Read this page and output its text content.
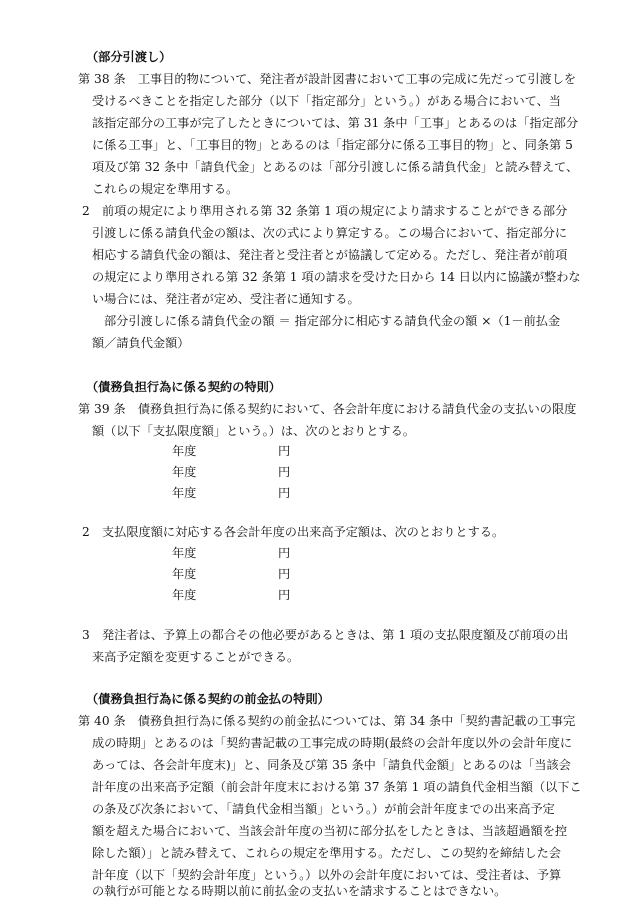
（部分引渡し）
第 38 条　工事目的物について、発注者が設計図書において工事の完成に先だって引渡しを
受けるべきことを指定した部分（以下「指定部分」という。）がある場合において、当
該指定部分の工事が完了したときについては、第 31 条中「工事」とあるのは「指定部分
に係る工事」と、「工事目的物」とあるのは「指定部分に係る工事目的物」と、同条第 5
項及び第 32 条中「請負代金」とあるのは「部分引渡しに係る請負代金」と読み替えて、
これらの規定を準用する。
2　前項の規定により準用される第 32 条第 1 項の規定により請求することができる部分
引渡しに係る請負代金の額は、次の式により算定する。この場合において、指定部分に
相応する請負代金の額は、発注者と受注者とが協議して定める。ただし、発注者が前項
の規定により準用される第 32 条第 1 項の請求を受けた日から 14 日以内に協議が整わな
い場合には、発注者が定め、受注者に通知する。
部分引渡しに係る請負代金の額 ＝ 指定部分に相応する請負代金の額 ×（1－前払金
額／請負代金額）
（債務負担行為に係る契約の特則）
第 39 条　債務負担行為に係る契約において、各会計年度における請負代金の支払いの限度
額（以下「支払限度額」という。）は、次のとおりとする。
年度	円
年度	円
年度	円
2　支払限度額に対応する各会計年度の出来高予定額は、次のとおりとする。
年度	円
年度	円
年度	円
3　発注者は、予算上の都合その他必要があるときは、第 1 項の支払限度額及び前項の出
来高予定額を変更することができる。
（債務負担行為に係る契約の前金払の特則）
第 40 条　債務負担行為に係る契約の前金払については、第 34 条中「契約書記載の工事完
成の時期」とあるのは「契約書記載の工事完成の時期(最終の会計年度以外の会計年度に
あっては、各会計年度末)」と、同条及び第 35 条中「請負代金額」とあるのは「当該会
計年度の出来高予定額（前会計年度末における第 37 条第 1 項の請負代金相当額（以下こ
の条及び次条において、「請負代金相当額」という。）が前会計年度までの出来高予定
額を超えた場合において、当該会計年度の当初に部分払をしたときは、当該超過額を控
除した額）」と読み替えて、これらの規定を準用する。ただし、この契約を締結した会
計年度（以下「契約会計年度」という。）以外の会計年度においては、受注者は、予算
の執行が可能となる時期以前に前払金の支払いを請求することはできない。
